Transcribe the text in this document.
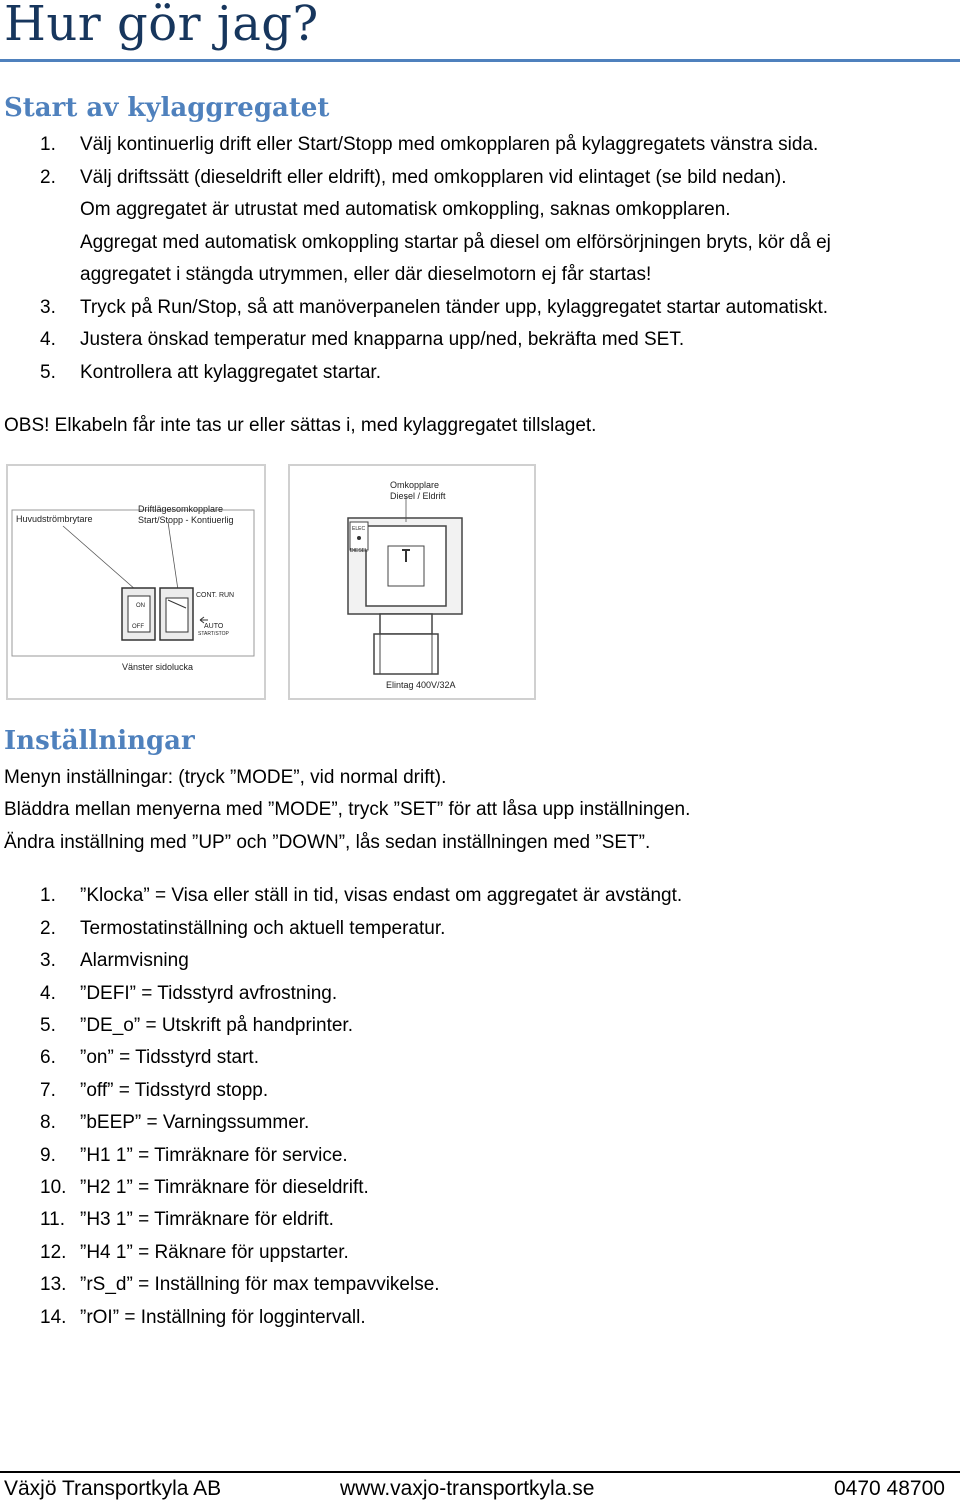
Hur gör jag?
Start av kylaggregatet
1. Välj kontinuerlig drift eller Start/Stopp med omkopplaren på kylaggregatets vänstra sida.
2. Välj driftssätt (dieseldrift eller eldrift), med omkopplaren vid elintaget (se bild nedan).
Om aggregatet är utrustat med automatisk omkoppling, saknas omkopplaren.
Aggregat med automatisk omkoppling startar på diesel om elförsörjningen bryts, kör då ej
aggregatet i stängda utrymmen, eller där dieselmotorn ej får startas!
3. Tryck på Run/Stop, så att manöverpanelen tänder upp, kylaggregatet startar automatiskt.
4. Justera önskad temperatur med knapparna upp/ned, bekräfta med SET.
5. Kontrollera att kylaggregatet startar.
OBS! Elkabeln får inte tas ur eller sättas i, med kylaggregatet tillslaget.
Huvudströmbrytare
Driftlägesomkopplare
Start/Stopp - Kontiuerlig
ON
OFF
CONT. RUN
AUTO
START/STOP
Vänster sidolucka
Omkopplare
Diesel / Eldrift
ELEC
DIESEL
Elintag 400V/32A
Inställningar
Menyn inställningar: (tryck ”MODE”, vid normal drift).
Bläddra mellan menyerna med ”MODE”, tryck ”SET” för att låsa upp inställningen.
Ändra inställning med ”UP” och ”DOWN”, lås sedan inställningen med ”SET”.
1. ”Klocka” = Visa eller ställ in tid, visas endast om aggregatet är avstängt.
2. Termostatinställning och aktuell temperatur.
3. Alarmvisning
4. ”DEFI” = Tidsstyrd avfrostning.
5. ”DE_o” = Utskrift på handprinter.
6. ”on” = Tidsstyrd start.
7. ”off” = Tidsstyrd stopp.
8. ”bEEP” = Varningssummer.
9. ”H1 1” = Timräknare för service.
10. ”H2 1” = Timräknare för dieseldrift.
11. ”H3 1” = Timräknare för eldrift.
12. ”H4 1” = Räknare för uppstarter.
13. ”rS_d” = Inställning för max tempavvikelse.
14. ”rOI” = Inställning för loggintervall.
Växjö Transportkyla AB	www.vaxjo-transportkyla.se	0470 48700
